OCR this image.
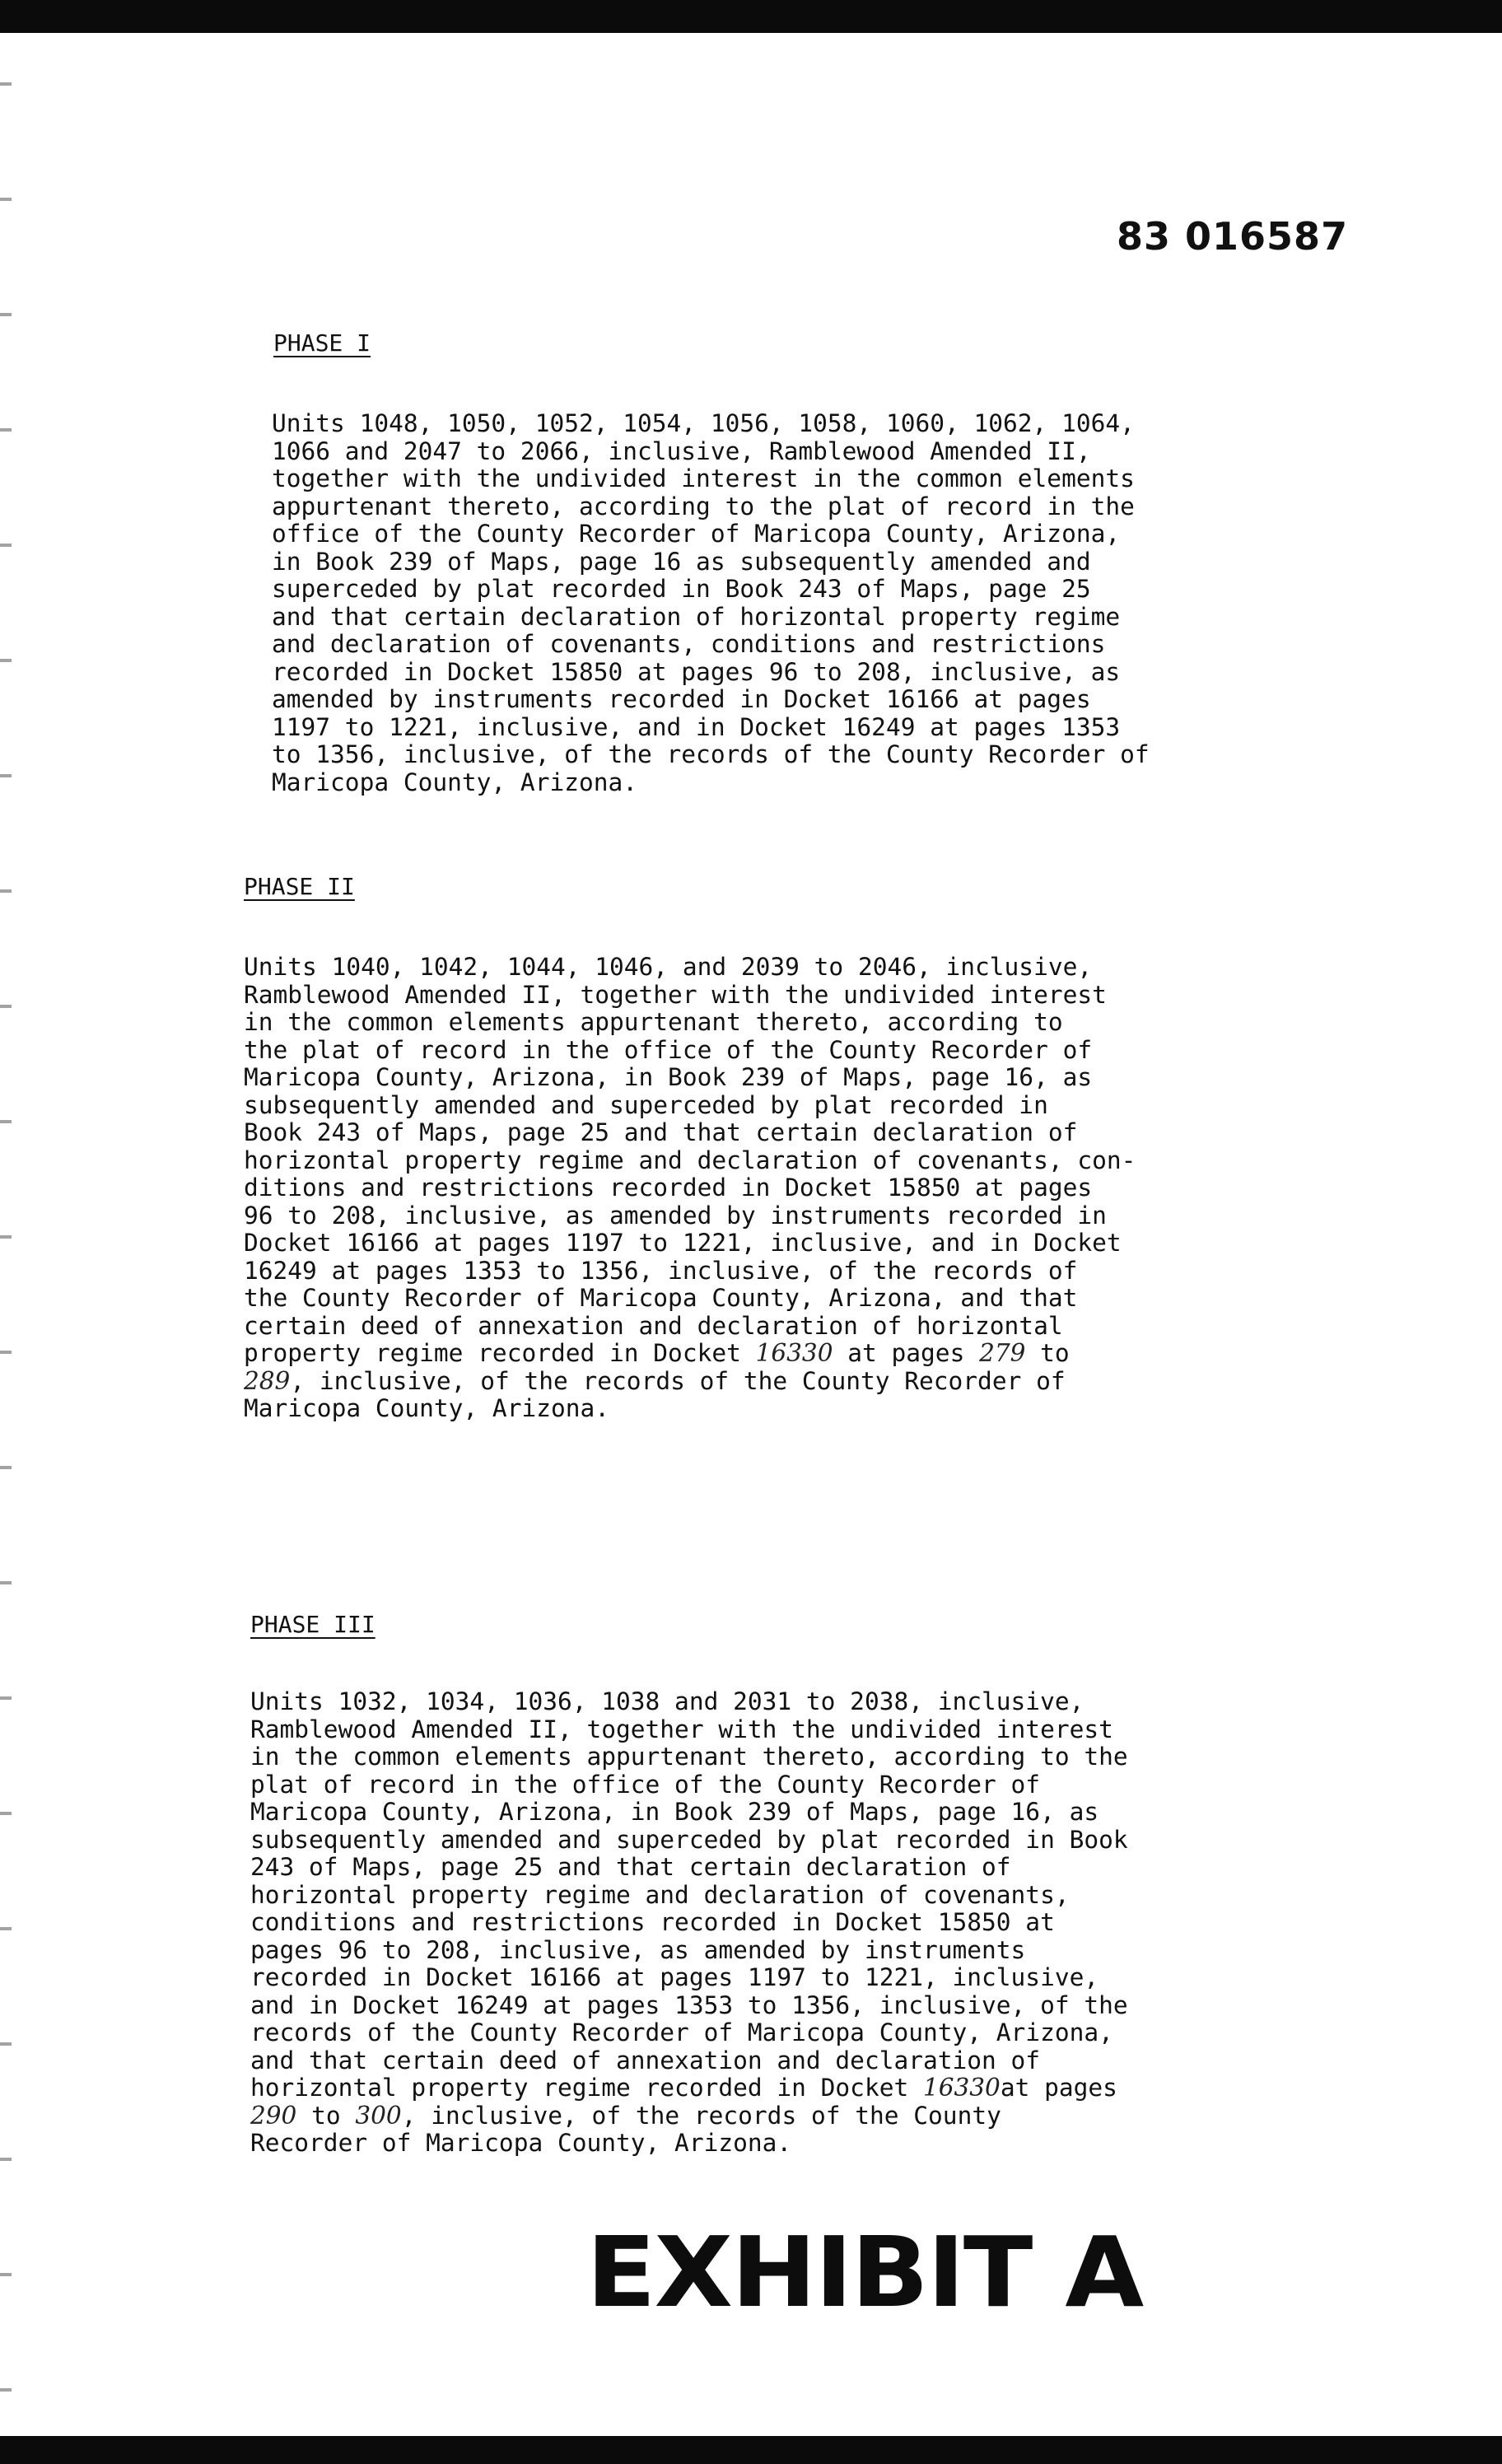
83 016587
PHASE I
Units 1048, 1050, 1052, 1054, 1056, 1058, 1060, 1062, 1064,
1066 and 2047 to 2066, inclusive, Ramblewood Amended II,
together with the undivided interest in the common elements
appurtenant thereto, according to the plat of record in the
office of the County Recorder of Maricopa County, Arizona,
in Book 239 of Maps, page 16 as subsequently amended and
superceded by plat recorded in Book 243 of Maps, page 25
and that certain declaration of horizontal property regime
and declaration of covenants, conditions and restrictions
recorded in Docket 15850 at pages 96 to 208, inclusive, as
amended by instruments recorded in Docket 16166 at pages
1197 to 1221, inclusive, and in Docket 16249 at pages 1353
to 1356, inclusive, of the records of the County Recorder of
Maricopa County, Arizona.
PHASE II
Units 1040, 1042, 1044, 1046, and 2039 to 2046, inclusive,
Ramblewood Amended II, together with the undivided interest
in the common elements appurtenant thereto, according to
the plat of record in the office of the County Recorder of
Maricopa County, Arizona, in Book 239 of Maps, page 16, as
subsequently amended and superceded by plat recorded in
Book 243 of Maps, page 25 and that certain declaration of
horizontal property regime and declaration of covenants, con-
ditions and restrictions recorded in Docket 15850 at pages
96 to 208, inclusive, as amended by instruments recorded in
Docket 16166 at pages 1197 to 1221, inclusive, and in Docket
16249 at pages 1353 to 1356, inclusive, of the records of
the County Recorder of Maricopa County, Arizona, and that
certain deed of annexation and declaration of horizontal
property regime recorded in Docket 16330 at pages 279 to
289, inclusive, of the records of the County Recorder of
Maricopa County, Arizona.
PHASE III
Units 1032, 1034, 1036, 1038 and 2031 to 2038, inclusive,
Ramblewood Amended II, together with the undivided interest
in the common elements appurtenant thereto, according to the
plat of record in the office of the County Recorder of
Maricopa County, Arizona, in Book 239 of Maps, page 16, as
subsequently amended and superceded by plat recorded in Book
243 of Maps, page 25 and that certain declaration of
horizontal property regime and declaration of covenants,
conditions and restrictions recorded in Docket 15850 at
pages 96 to 208, inclusive, as amended by instruments
recorded in Docket 16166 at pages 1197 to 1221, inclusive,
and in Docket 16249 at pages 1353 to 1356, inclusive, of the
records of the County Recorder of Maricopa County, Arizona,
and that certain deed of annexation and declaration of
horizontal property regime recorded in Docket 16330at pages
290 to 300, inclusive, of the records of the County
Recorder of Maricopa County, Arizona.
EXHIBIT A
